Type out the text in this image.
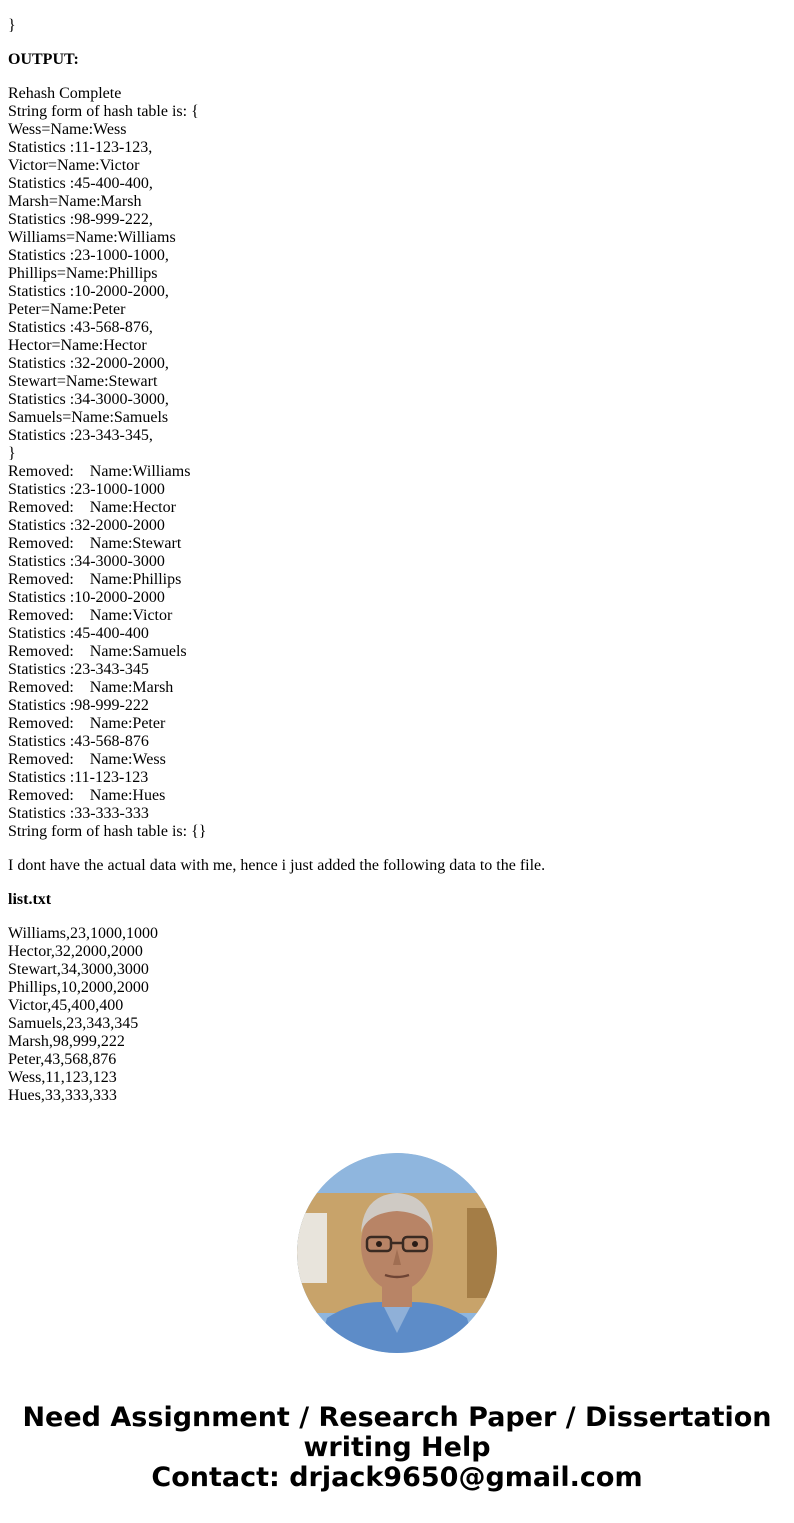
}
OUTPUT:
Rehash Complete
String form of hash table is: {
Wess=Name:Wess
Statistics :11-123-123,
Victor=Name:Victor
Statistics :45-400-400,
Marsh=Name:Marsh
Statistics :98-999-222,
Williams=Name:Williams
Statistics :23-1000-1000,
Phillips=Name:Phillips
Statistics :10-2000-2000,
Peter=Name:Peter
Statistics :43-568-876,
Hector=Name:Hector
Statistics :32-2000-2000,
Stewart=Name:Stewart
Statistics :34-3000-3000,
Samuels=Name:Samuels
Statistics :23-343-345,
}
Removed:    Name:Williams
Statistics :23-1000-1000
Removed:    Name:Hector
Statistics :32-2000-2000
Removed:    Name:Stewart
Statistics :34-3000-3000
Removed:    Name:Phillips
Statistics :10-2000-2000
Removed:    Name:Victor
Statistics :45-400-400
Removed:    Name:Samuels
Statistics :23-343-345
Removed:    Name:Marsh
Statistics :98-999-222
Removed:    Name:Peter
Statistics :43-568-876
Removed:    Name:Wess
Statistics :11-123-123
Removed:    Name:Hues
Statistics :33-333-333
String form of hash table is: {}
I dont have the actual data with me, hence i just added the following data to the file.
list.txt
Williams,23,1000,1000
Hector,32,2000,2000
Stewart,34,3000,3000
Phillips,10,2000,2000
Victor,45,400,400
Samuels,23,343,345
Marsh,98,999,222
Peter,43,568,876
Wess,11,123,123
Hues,33,333,333
Need Assignment / Research Paper / Dissertation
writing Help
Contact: drjack9650@gmail.com
